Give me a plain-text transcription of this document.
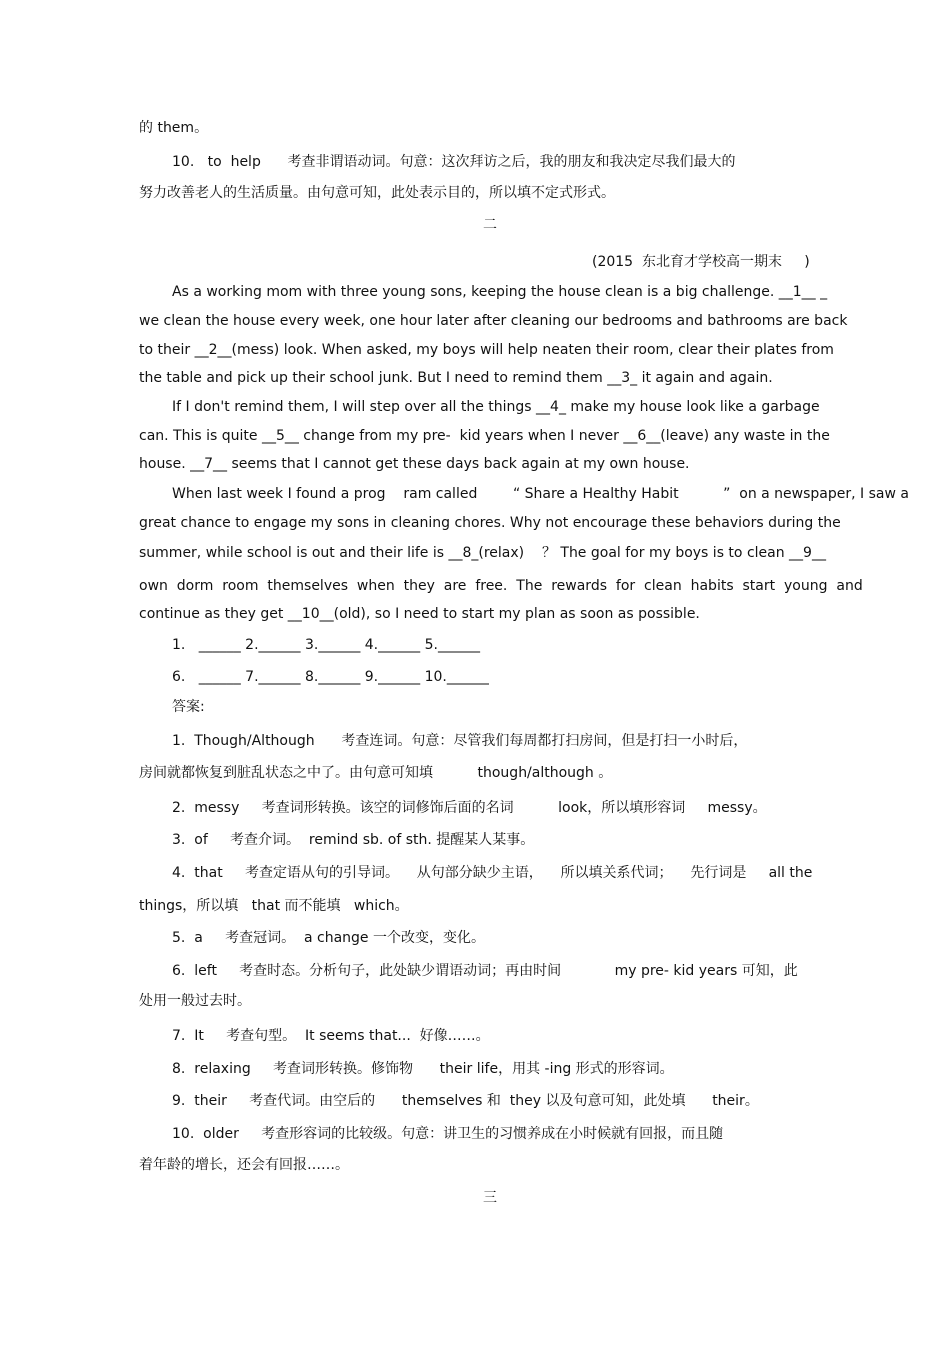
的 them。
10.   to  help      考查非谓语动词。句意：这次拜访之后，我的朋友和我决定尽我们最大的
努力改善老人的生活质量。由句意可知，此处表示目的，所以填不定式形式。
二
(2015  东北育才学校高一期末     )
As a working mom with three young sons, keeping the house clean is a big challenge. __1__ _
we clean the house every week, one hour later after cleaning our bedrooms and bathrooms are back
to their __2__(mess) look. When asked, my boys will help neaten their room, clear their plates from
the table and pick up their school junk. But I need to remind them __3_ it again and again.
If I don't remind them, I will step over all the things __4_ make my house look like a garbage
can. This is quite __5__ change from my pre-  kid years when I never __6__(leave) any waste in the
house. __7__ seems that I cannot get these days back again at my own house.
When last week I found a prog    ram called        “ Share a Healthy Habit          ”  on a newspaper, I saw a
great chance to engage my sons in cleaning chores. Why not encourage these behaviors during the
summer, while school is out and their life is __8_(relax)    ？ The goal for my boys is to clean __9__
own  dorm  room  themselves  when  they  are  free.  The  rewards  for  clean  habits  start  young  and
continue as they get __10__(old), so I need to start my plan as soon as possible.
1.   ______ 2.______ 3.______ 4.______ 5.______
6.   ______ 7.______ 8.______ 9.______ 10.______
答案:
1.  Though/Although      考查连词。句意：尽管我们每周都打扫房间，但是打扫一小时后，
房间就都恢复到脏乱状态之中了。由句意可知填          though/although 。
2.  messy     考查词形转换。该空的词修饰后面的名词          look，所以填形容词     messy。
3.  of     考查介词。  remind sb. of sth. 提醒某人某事。
4.  that     考查定语从句的引导词。    从句部分缺少主语，    所以填关系代词；    先行词是     all the
things，所以填   that 而不能填   which。
5.  a     考查冠词。  a change 一个改变，变化。
6.  left     考查时态。分析句子，此处缺少谓语动词；再由时间            my pre- kid years 可知，此
处用一般过去时。
7.  It     考查句型。  It seems that...  好像……。
8.  relaxing     考查词形转换。修饰物      their life，用其 -ing 形式的形容词。
9.  their     考查代词。由空后的      themselves 和  they 以及句意可知，此处填      their。
10.  older     考查形容词的比较级。句意：讲卫生的习惯养成在小时候就有回报，而且随
着年龄的增长，还会有回报……。
三
